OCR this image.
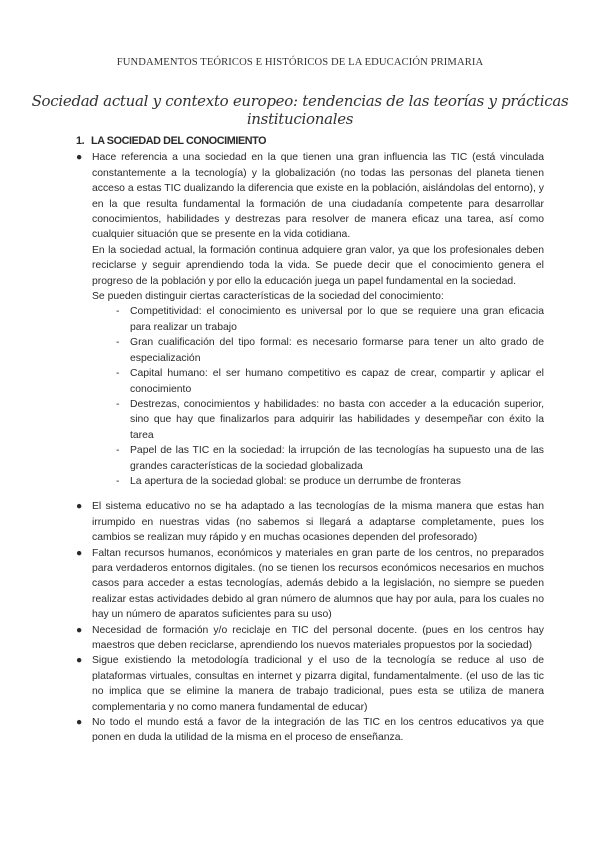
FUNDAMENTOS TEÓRICOS E HISTÓRICOS DE LA EDUCACIÓN PRIMARIA
Sociedad actual y contexto europeo: tendencias de las teorías y prácticas institucionales
1. LA SOCIEDAD DEL CONOCIMIENTO
● Hace referencia a una sociedad en la que tienen una gran influencia las TIC (está vinculada constantemente a la tecnología) y la globalización (no todas las personas del planeta tienen acceso a estas TIC dualizando la diferencia que existe en la población, aislándolas del entorno), y en la que resulta fundamental la formación de una ciudadanía competente para desarrollar conocimientos, habilidades y destrezas para resolver de manera eficaz una tarea, así como cualquier situación que se presente en la vida cotidiana.

En la sociedad actual, la formación continua adquiere gran valor, ya que los profesionales deben reciclarse y seguir aprendiendo toda la vida. Se puede decir que el conocimiento genera el progreso de la población y por ello la educación juega un papel fundamental en la sociedad.

Se pueden distinguir ciertas características de la sociedad del conocimiento:

- Competitividad: el conocimiento es universal por lo que se requiere una gran eficacia para realizar un trabajo
- Gran cualificación del tipo formal: es necesario formarse para tener un alto grado de especialización
- Capital humano: el ser humano competitivo es capaz de crear, compartir y aplicar el conocimiento
- Destrezas, conocimientos y habilidades: no basta con acceder a la educación superior, sino que hay que finalizarlos para adquirir las habilidades y desempeñar con éxito la tarea
- Papel de las TIC en la sociedad: la irrupción de las tecnologías ha supuesto una de las grandes características de la sociedad globalizada
- La apertura de la sociedad global: se produce un derrumbe de fronteras
● El sistema educativo no se ha adaptado a las tecnologías de la misma manera que estas han irrumpido en nuestras vidas (no sabemos si llegará a adaptarse completamente, pues los cambios se realizan muy rápido y en muchas ocasiones dependen del profesorado)

● Faltan recursos humanos, económicos y materiales en gran parte de los centros, no preparados para verdaderos entornos digitales. (no se tienen los recursos económicos necesarios en muchos casos para acceder a estas tecnologías, además debido a la legislación, no siempre se pueden realizar estas actividades debido al gran número de alumnos que hay por aula, para los cuales no hay un número de aparatos suficientes para su uso)

● Necesidad de formación y/o reciclaje en TIC del personal docente. (pues en los centros hay maestros que deben reciclarse, aprendiendo los nuevos materiales propuestos por la sociedad)

● Sigue existiendo la metodología tradicional y el uso de la tecnología se reduce al uso de plataformas virtuales, consultas en internet y pizarra digital, fundamentalmente. (el uso de las tic no implica que se elimine la manera de trabajo tradicional, pues esta se utiliza de manera complementaria y no como manera fundamental de educar)

● No todo el mundo está a favor de la integración de las TIC en los centros educativos ya que ponen en duda la utilidad de la misma en el proceso de enseñanza.
